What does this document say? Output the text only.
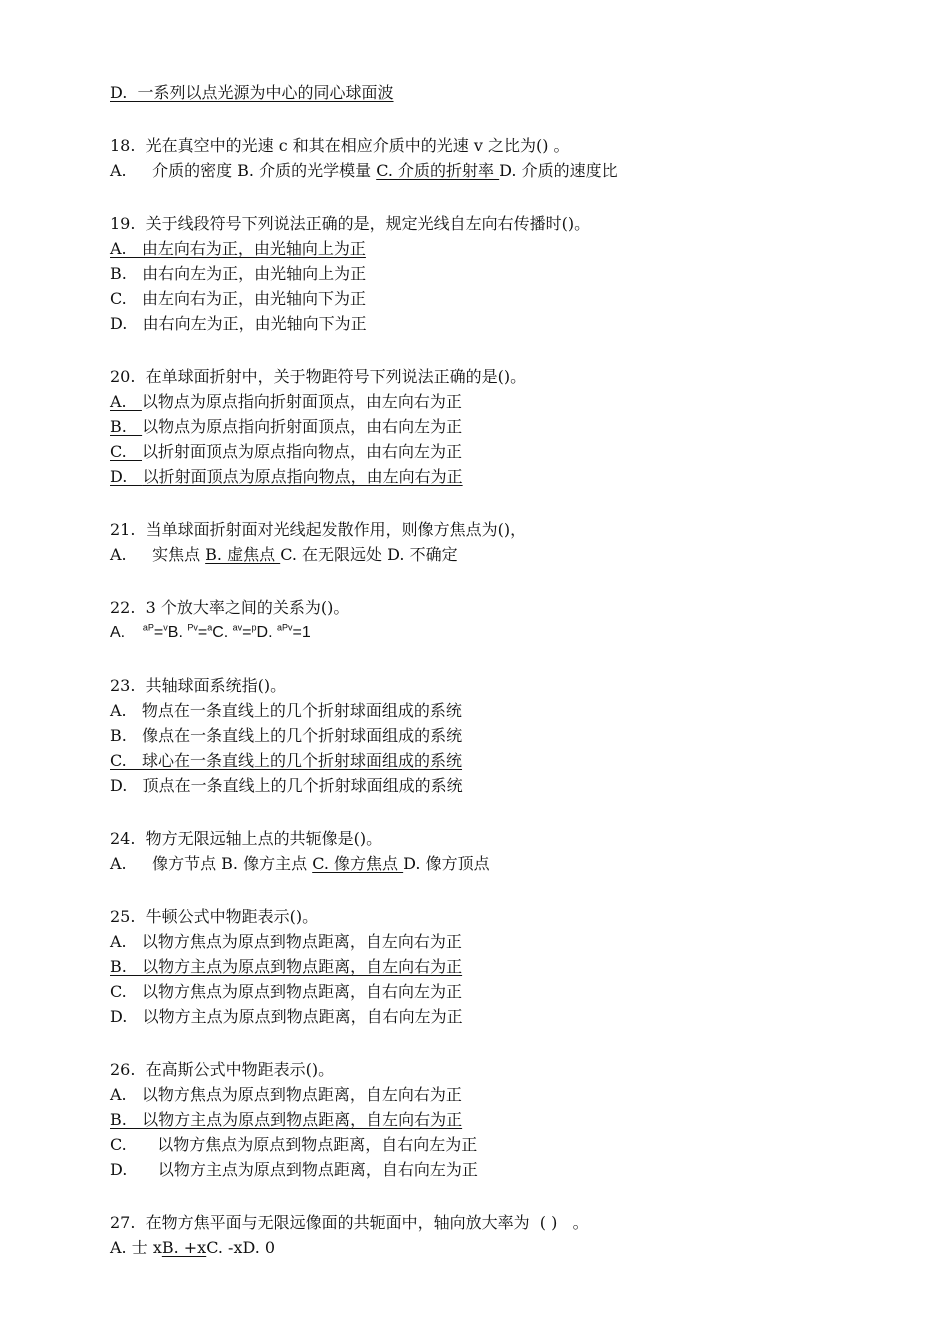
D.  一系列以点光源为中心的同心球面波
18.  光在真空中的光速 c 和其在相应介质中的光速 v 之比为() 。
A.     介质的密度 B. 介质的光学模量 C. 介质的折射率 D. 介质的速度比
19.  关于线段符号下列说法正确的是，规定光线自左向右传播时()。
A.   由左向右为正，由光轴向上为正
B.   由右向左为正，由光轴向上为正
C.   由左向右为正，由光轴向下为正
D.   由右向左为正，由光轴向下为正
20.  在单球面折射中，关于物距符号下列说法正确的是()。
A.   以物点为原点指向折射面顶点，由左向右为正
B.   以物点为原点指向折射面顶点，由右向左为正
C.   以折射面顶点为原点指向物点，由右向左为正
D.   以折射面顶点为原点指向物点，由左向右为正
21.  当单球面折射面对光线起发散作用，则像方焦点为()，
A.     实焦点 B. 虚焦点 C. 在无限远处 D. 不确定
22.  3 个放大率之间的关系为()。
A.    $^{aP}$=$^v$B. $^{Pv}$=$^a$C. $^{av}$=$^p$D. $^{aPv}$=1
23.  共轴球面系统指()。
A.   物点在一条直线上的几个折射球面组成的系统
B.   像点在一条直线上的几个折射球面组成的系统
C.   球心在一条直线上的几个折射球面组成的系统
D.   顶点在一条直线上的几个折射球面组成的系统
24.  物方无限远轴上点的共轭像是()。
A.     像方节点 B. 像方主点 C. 像方焦点 D. 像方顶点
25.  牛顿公式中物距表示()。
A.   以物方焦点为原点到物点距离，自左向右为正
B.   以物方主点为原点到物点距离，自左向右为正
C.   以物方焦点为原点到物点距离，自右向左为正
D.   以物方主点为原点到物点距离，自右向左为正
26.  在高斯公式中物距表示()。
A.   以物方焦点为原点到物点距离，自左向右为正
B.   以物方主点为原点到物点距离，自左向右为正
C.      以物方焦点为原点到物点距离，自右向左为正
D.      以物方主点为原点到物点距离，自右向左为正
27.  在物方焦平面与无限远像面的共轭面中，轴向放大率为  ( )   。
A. 士 xB. +xC. -xD. 0
